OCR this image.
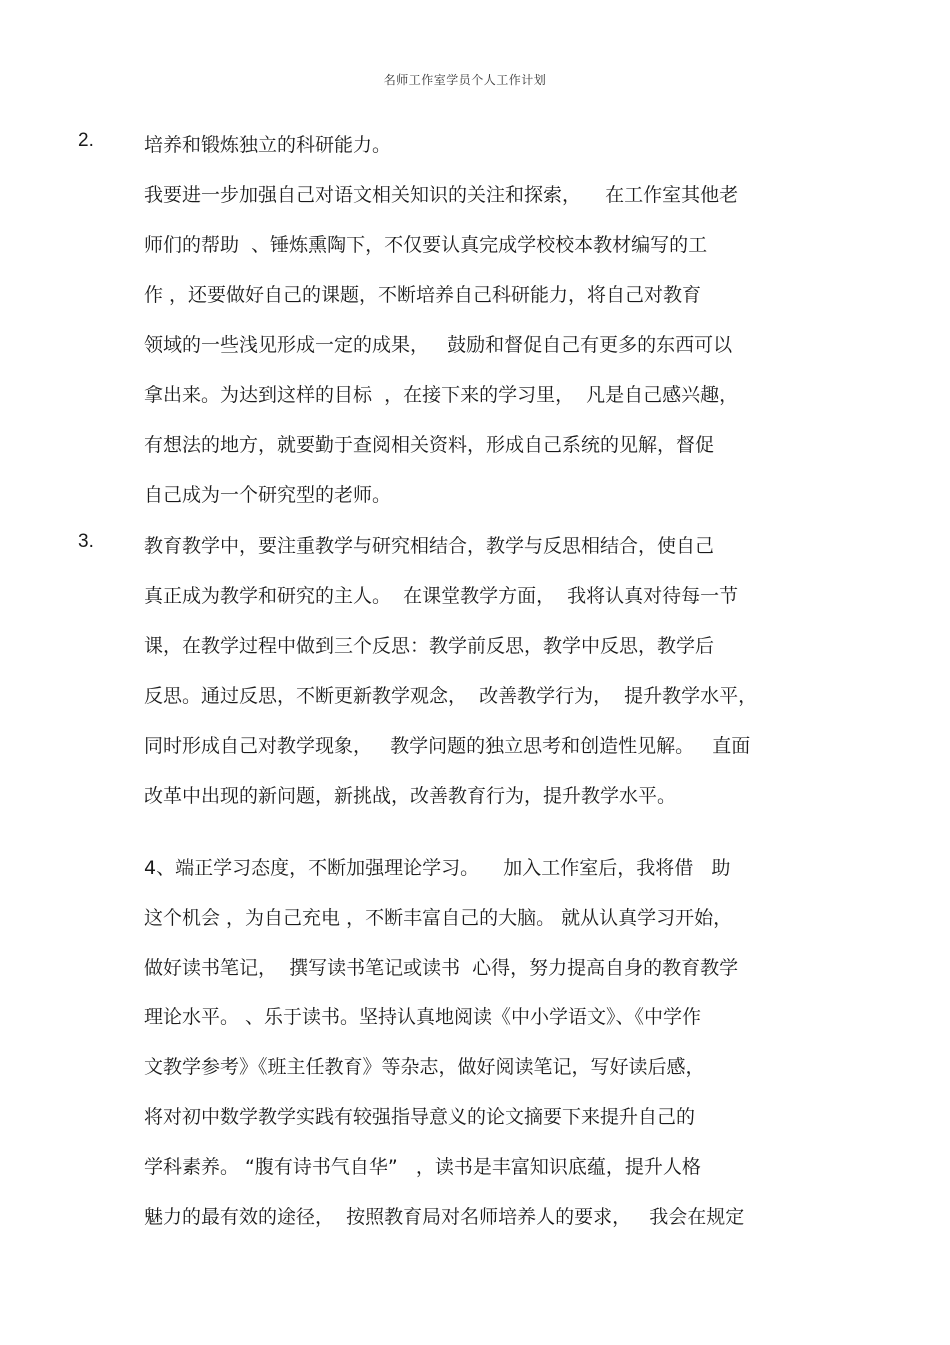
名师工作室学员个人工作计划
2.	培养和锻炼独立的科研能力。
我要进一步加强自己对语文相关知识的关注和探索，    在工作室其他老
师们的帮助  、锤炼熏陶下，不仅要认真完成学校校本教材编写的工
作 ，还要做好自己的课题，不断培养自己科研能力，将自己对教育
领域的一些浅见形成一定的成果，   鼓励和督促自己有更多的东西可以
拿出来。为达到这样的目标  ，在接下来的学习里，  凡是自己感兴趣，
有想法的地方，就要勤于查阅相关资料，形成自己系统的见解，督促
自己成为一个研究型的老师。
3.	教育教学中，要注重教学与研究相结合，教学与反思相结合，使自己
真正成为教学和研究的主人。  在课堂教学方面，  我将认真对待每一节
课，在教学过程中做到三个反思：教学前反思，教学中反思，教学后
反思。通过反思，不断更新教学观念，  改善教学行为，  提升教学水平，
同时形成自己对教学现象，   教学问题的独立思考和创造性见解。   直面
改革中出现的新问题，新挑战，改善教育行为，提升教学水平。
4、端正学习态度，不断加强理论学习。    加入工作室后，我将借   助
这个机会 ，为自己充电 ，不断丰富自己的大脑。 就从认真学习开始，
做好读书笔记，  撰写读书笔记或读书  心得，努力提高自身的教育教学
理论水平。 、乐于读书。坚持认真地阅读《中小学语文》、《中学作
文教学参考》《班主任教育》等杂志，做好阅读笔记，写好读后感，
将对初中数学教学实践有较强指导意义的论文摘要下来提升自己的
学科素养。 “腹有诗书气自华”   ，读书是丰富知识底蕴，提升人格
魅力的最有效的途径，  按照教育局对名师培养人的要求，   我会在规定
